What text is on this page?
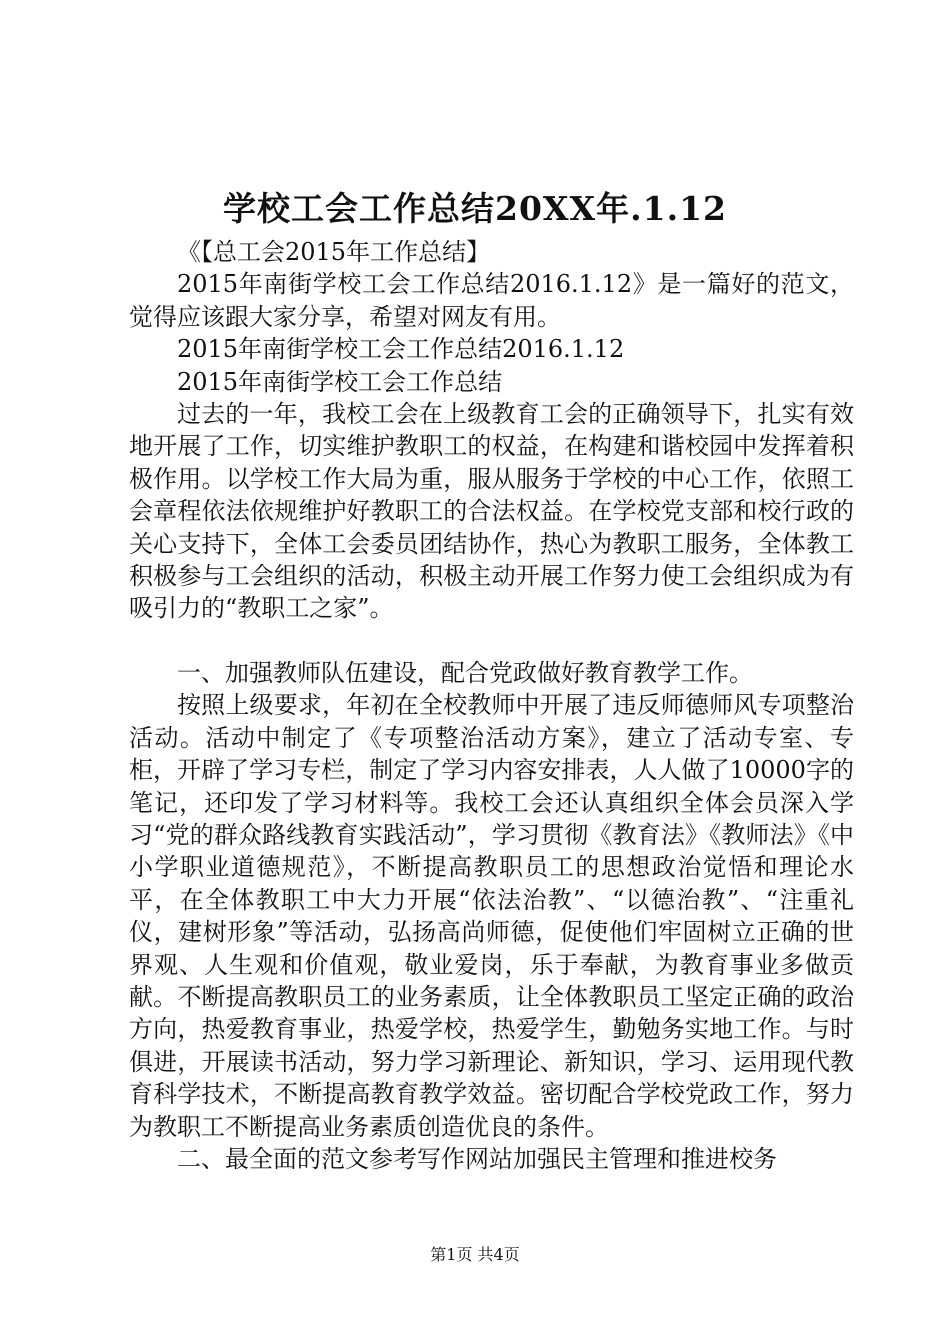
学校工会工作总结20XX年.1.12

《【总工会2015年工作总结】

2015年南街学校工会工作总结2016.1.12》是一篇好的范文，觉得应该跟大家分享，希望对网友有用。

2015年南街学校工会工作总结2016.1.12

2015年南街学校工会工作总结

过去的一年，我校工会在上级教育工会的正确领导下，扎实有效地开展了工作，切实维护教职工的权益，在构建和谐校园中发挥着积极作用。以学校工作大局为重，服从服务于学校的中心工作，依照工会章程依法依规维护好教职工的合法权益。在学校党支部和校行政的关心支持下，全体工会委员团结协作，热心为教职工服务，全体教工积极参与工会组织的活动，积极主动开展工作努力使工会组织成为有吸引力的“教职工之家”。

一、加强教师队伍建设，配合党政做好教育教学工作。

按照上级要求，年初在全校教师中开展了违反师德师风专项整治活动。活动中制定了《专项整治活动方案》，建立了活动专室、专柜，开辟了学习专栏，制定了学习内容安排表，人人做了10000字的笔记，还印发了学习材料等。我校工会还认真组织全体会员深入学习“党的群众路线教育实践活动”，学习贯彻《教育法》《教师法》《中小学职业道德规范》，不断提高教职员工的思想政治觉悟和理论水平，在全体教职工中大力开展“依法治教”、“以德治教”、“注重礼仪，建树形象”等活动，弘扬高尚师德，促使他们牢固树立正确的世界观、人生观和价值观，敬业爱岗，乐于奉献，为教育事业多做贡献。不断提高教职员工的业务素质，让全体教职员工坚定正确的政治方向，热爱教育事业，热爱学校，热爱学生，勤勉务实地工作。与时俱进，开展读书活动，努力学习新理论、新知识，学习、运用现代教育科学技术，不断提高教育教学效益。密切配合学校党政工作，努力为教职工不断提高业务素质创造优良的条件。

二、最全面的范文参考写作网站加强民主管理和推进校务

第1页 共4页
